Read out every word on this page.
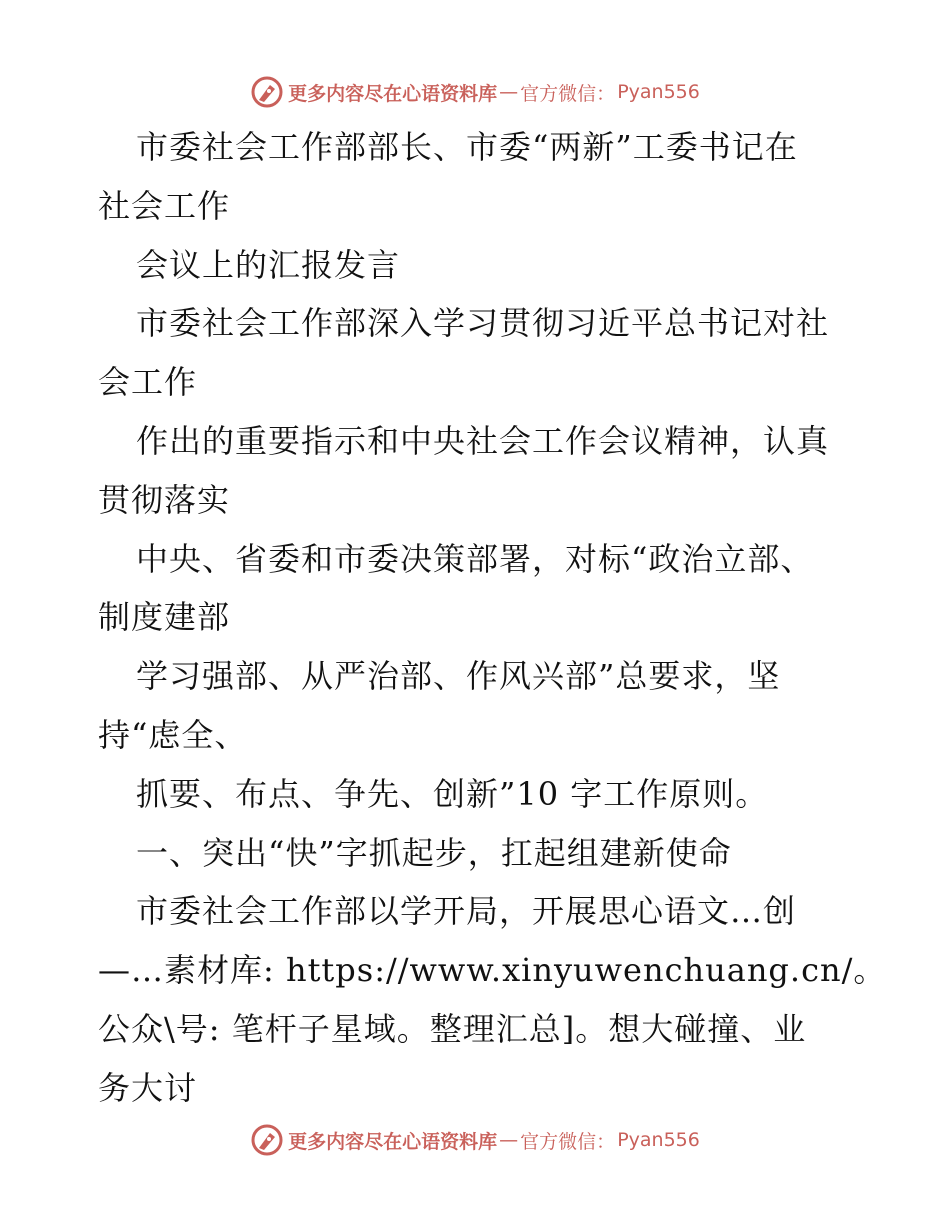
更多内容尽在心语资料库 — 官方微信： Pyan556
市委社会工作部部长、市委“两新”工委书记在
社会工作
会议上的汇报发言
市委社会工作部深入学习贯彻习近平总书记对社
会工作
作出的重要指示和中央社会工作会议精神，认真
贯彻落实
中央、省委和市委决策部署，对标“政治立部、
制度建部
学习强部、从严治部、作风兴部”总要求，坚
持“虑全、
抓要、布点、争先、创新”10 字工作原则。
一、突出“快”字抓起步，扛起组建新使命
市委社会工作部以学开局，开展思心语文…创
—…素材库: https://www.xinyuwenchuang.cn/。
公众\号: 笔杆子星域。整理汇总]。想大碰撞、业
务大讨
更多内容尽在心语资料库 — 官方微信： Pyan556
